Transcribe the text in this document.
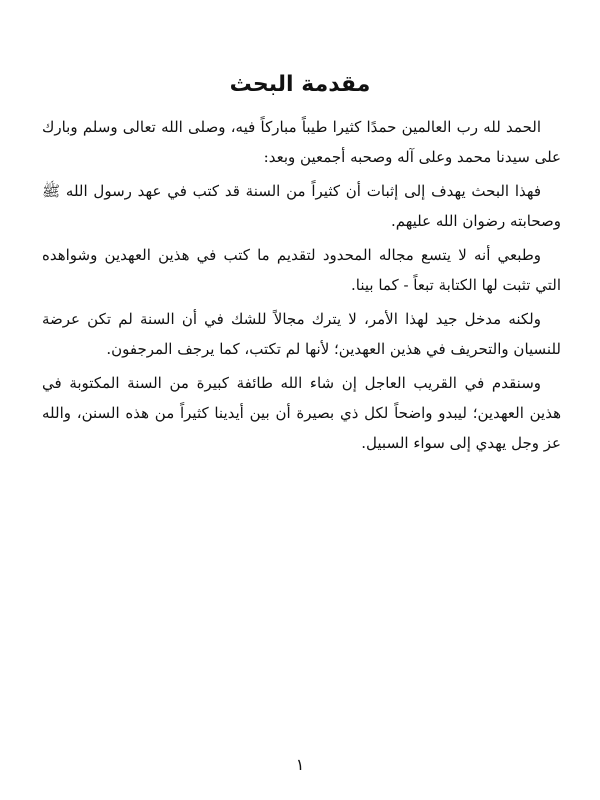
مقدمة البحث

الحمد لله رب العالمين حمدًا كثيرا طيباً مباركاً فيه، وصلى الله تعالى وسلم وبارك على سيدنا محمد وعلى آله وصحبه أجمعين وبعد:

فهذا البحث يهدف إلى إثبات أن كثيراً من السنة قد كتب في عهد رسول الله ﷺ وصحابته رضوان الله عليهم.

وطبعي أنه لا يتسع مجاله المحدود لتقديم ما كتب في هذين العهدين وشواهده التي تثبت لها الكتابة تبعاً - كما بينا.

ولكنه مدخل جيد لهذا الأمر، لا يترك مجالاً للشك في أن السنة لم تكن عرضة للنسيان والتحريف في هذين العهدين؛ لأنها لم تكتب، كما يرجف المرجفون.

وسنقدم في القريب العاجل إن شاء الله طائفة كبيرة من السنة المكتوبة في هذين العهدين؛ ليبدو واضحاً لكل ذي بصيرة أن بين أيدينا كثيراً من هذه السنن، والله عز وجل يهدي إلى سواء السبيل.

١
